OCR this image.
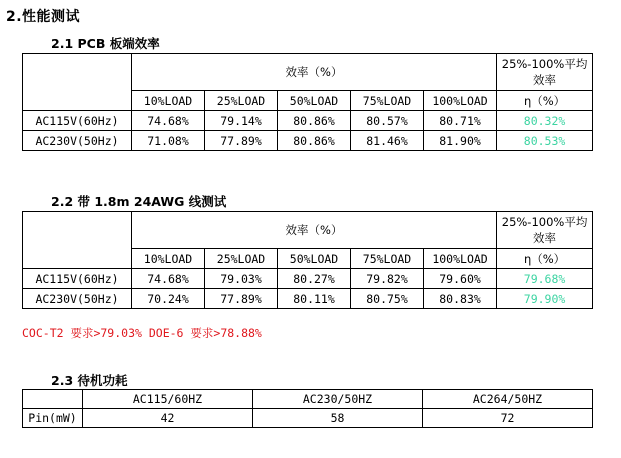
2.性能测试
2.1 PCB 板端效率
	效率（%）					25%-100%平均
效率

	10%LOAD	25%LOAD	50%LOAD	75%LOAD	100%LOAD	η（%）
AC115V(60Hz)	74.68%	79.14%	80.86%	80.57%	80.71%	80.32%
AC230V(50Hz)	71.08%	77.89%	80.86%	81.46%	81.90%	80.53%
2.2 带 1.8m 24AWG 线测试
	效率（%）					25%-100%平均
效率

	10%LOAD	25%LOAD	50%LOAD	75%LOAD	100%LOAD	η（%）
AC115V(60Hz)	74.68%	79.03%	80.27%	79.82%	79.60%	79.68%
AC230V(50Hz)	70.24%	77.89%	80.11%	80.75%	80.83%	79.90%
COC-T2 要求>79.03% DOE-6 要求>78.88%
2.3 待机功耗
	AC115/60HZ	AC230/50HZ	AC264/50HZ
Pin(mW)	42	58	72
